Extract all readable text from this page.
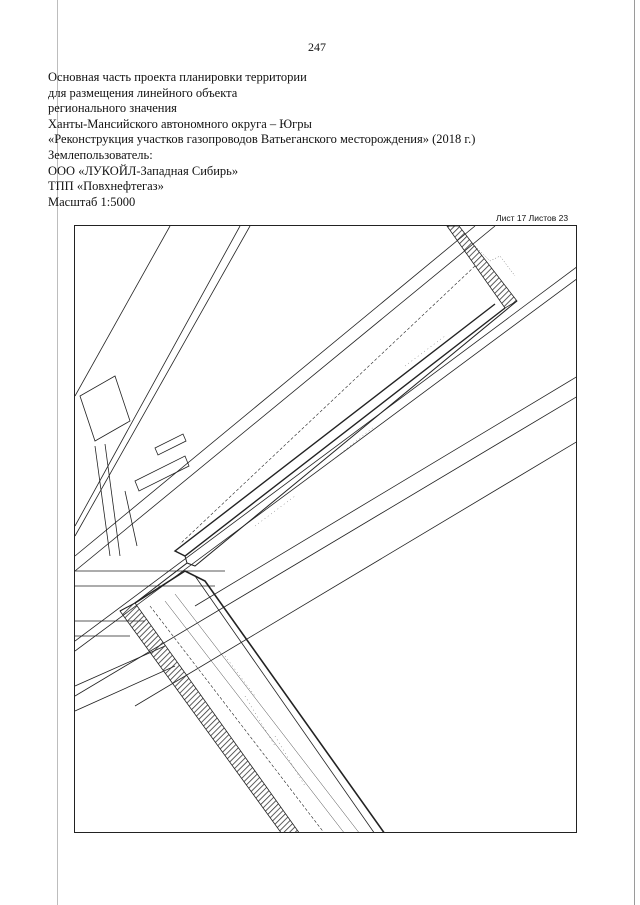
247
Основная часть проекта планировки территории
для размещения линейного объекта
регионального значения
Ханты-Мансийского автономного округа – Югры
«Реконструкция участков газопроводов Ватьеганского месторождения» (2018 г.)
Землепользователь:
ООО «ЛУКОЙЛ-Западная Сибирь»
ТПП «Повхнефтегаз»
Масштаб 1:5000
Лист 17 Листов 23
